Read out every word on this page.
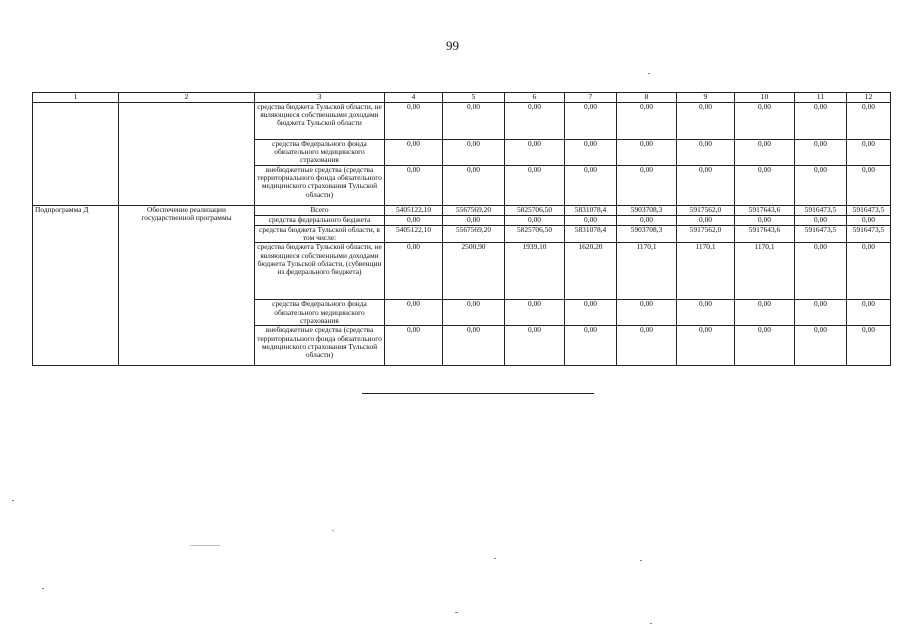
99
1	2	3	4	5	6	7	8	9	10	11	12
		средства бюджета Тульской области, не являющиеся собственными доходами бюджета Тульской области	0,00	0,00	0,00	0,00	0,00	0,00	0,00	0,00	0,00
		средства Федерального фонда обязательного медицинского страхования	0,00	0,00	0,00	0,00	0,00	0,00	0,00	0,00	0,00
		внебюджетные средства (средства территориального фонда обязательного медицинского страхования Тульской области)	0,00	0,00	0,00	0,00	0,00	0,00	0,00	0,00	0,00
Подпрограмма Д	Обеспечение реализации государственной программы	Всего	5405122,10	5567569,20	5825706,50	5831078,4	5903708,3	5917562,0	5917643,6	5916473,5	5916473,5
		средства федерального бюджета	0,00	0,00	0,00	0,00	0,00	0,00	0,00	0,00	0,00
		средства бюджета Тульской области, в том числе:	5405122,10	5567569,20	5825706,50	5831078,4	5903708,3	5917562,0	5917643,6	5916473,5	5916473,5
		средства бюджета Тульской области, не являющиеся собственными доходами бюджета Тульской области, (субвенции из федерального бюджета)	0,00	2500,90	1939,10	1620,20	1170,1	1170,1	1170,1	0,00	0,00
		средства Федерального фонда обязательного медицинского страхования	0,00	0,00	0,00	0,00	0,00	0,00	0,00	0,00	0,00
		внебюджетные средства (средства территориального фонда обязательного медицинского страхования Тульской области)	0,00	0,00	0,00	0,00	0,00	0,00	0,00	0,00	0,00
